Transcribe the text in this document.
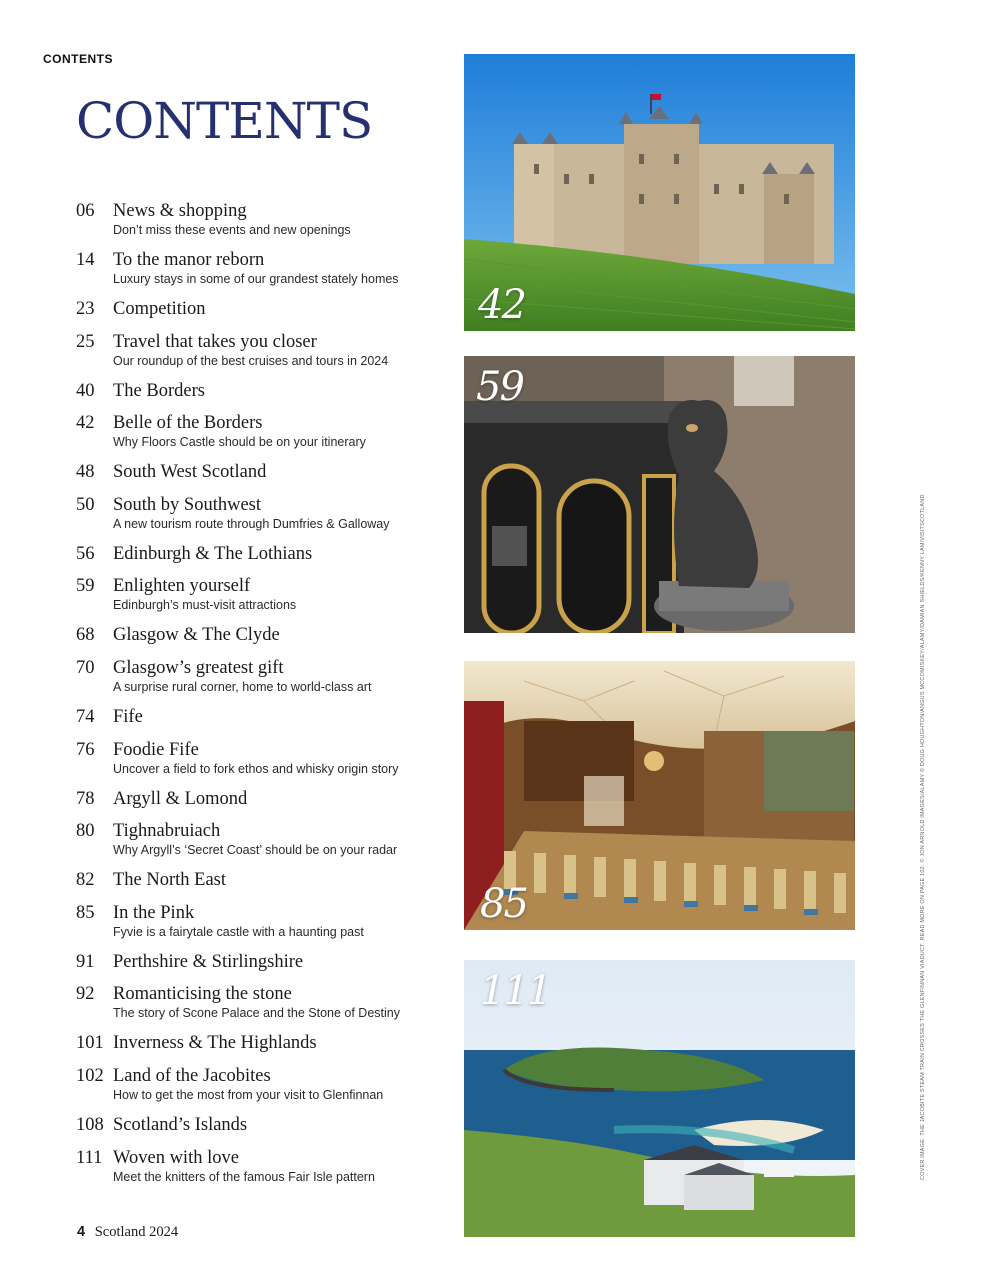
CONTENTS
CONTENTS
06 News & shopping
Don’t miss these events and new openings
14 To the manor reborn
Luxury stays in some of our grandest stately homes
23 Competition
25 Travel that takes you closer
Our roundup of the best cruises and tours in 2024
40 The Borders
42 Belle of the Borders
Why Floors Castle should be on your itinerary
48 South West Scotland
50 South by Southwest
A new tourism route through Dumfries & Galloway
56 Edinburgh & The Lothians
59 Enlighten yourself
Edinburgh’s must-visit attractions
68 Glasgow & The Clyde
70 Glasgow’s greatest gift
A surprise rural corner, home to world-class art
74 Fife
76 Foodie Fife
Uncover a field to fork ethos and whisky origin story
78 Argyll & Lomond
80 Tighnabruiach
Why Argyll’s ‘Secret Coast’ should be on your radar
82 The North East
85 In the Pink
Fyvie is a fairytale castle with a haunting past
91 Perthshire & Stirlingshire
92 Romanticising the stone
The story of Scone Palace and the Stone of Destiny
101 Inverness & The Highlands
102 Land of the Jacobites
How to get the most from your visit to Glenfinnan
108 Scotland’s Islands
111 Woven with love
Meet the knitters of the famous Fair Isle pattern
42
59
85
111	COVER IMAGE: THE JACOBITE STEAM TRAIN CROSSES THE GLENFINNAN VIADUCT. READ MORE ON PAGE 102. © JON ARNOLD IMAGES/ALAMY © DOUG HOUGHTON/ANGUS MCCOMISKEY/ALAMY/DAMIAN SHIELDS/KENNY LAM/VISITSCOTLAND
4 Scotland 2024
